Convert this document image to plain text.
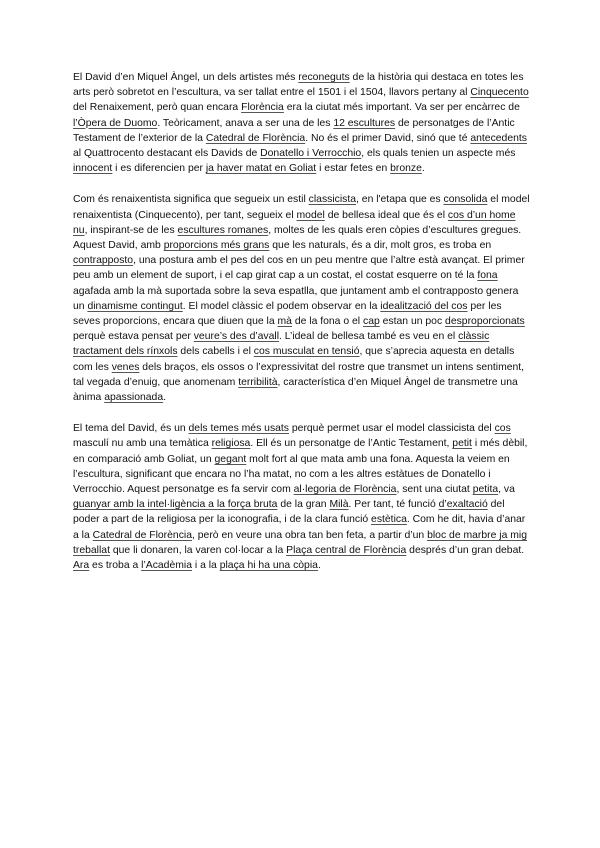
El David d’en Miquel Àngel, un dels artistes més reconeguts de la història qui destaca en totes les arts però sobretot en l’escultura, va ser tallat entre el 1501 i el 1504, llavors pertany al Cinquecento del Renaixement, però quan encara Florència era la ciutat més important. Va ser per encàrrec de l’Òpera de Duomo. Teòricament, anava a ser una de les 12 escultures de personatges de l’Antic Testament de l’exterior de la Catedral de Florència. No és el primer David, sinó que té antecedents al Quattrocento destacant els Davids de Donatello i Verrocchio, els quals tenien un aspecte més innocent i es diferencien per ja haver matat en Goliat i estar fetes en bronze.

Com és renaixentista significa que segueix un estil classicista, en l'etapa que es consolida el model renaixentista (Cinquecento), per tant, segueix el model de bellesa ideal que és el cos d’un home nu, inspirant-se de les escultures romanes, moltes de les quals eren còpies d’escultures gregues. Aquest David, amb proporcions més grans que les naturals, és a dir, molt gros, es troba en contrapposto, una postura amb el pes del cos en un peu mentre que l’altre està avançat. El primer peu amb un element de suport, i el cap girat cap a un costat, el costat esquerre on té la fona agafada amb la mà suportada sobre la seva espatlla, que juntament amb el contrapposto genera un dinamisme contingut. El model clàssic el podem observar en la idealització del cos per les seves proporcions, encara que diuen que la mà de la fona o el cap estan un poc desproporcionats perquè estava pensat per veure’s des d’avall. L’ideal de bellesa també es veu en el clàssic tractament dels rínxols dels cabells i el cos musculat en tensió, que s’aprecia aquesta en detalls com les venes dels braços, els ossos o l’expressivitat del rostre que transmet un intens sentiment, tal vegada d’enuig, que anomenam terribilità, característica d’en Miquel Àngel de transmetre una ànima apassionada.

El tema del David, és un dels temes més usats perquè permet usar el model classicista del cos masculí nu amb una temàtica religiosa. Ell és un personatge de l’Antic Testament, petit i més dèbil, en comparació amb Goliat, un gegant molt fort al que mata amb una fona. Aquesta la veiem en l’escultura, significant que encara no l’ha matat, no com a les altres estàtues de Donatello i Verrocchio. Aquest personatge es fa servir com al·legoria de Florència, sent una ciutat petita, va guanyar amb la intel·ligència a la força bruta de la gran Milà. Per tant, té funció d’exaltació del poder a part de la religiosa per la iconografia, i de la clara funció estètica. Com he dit, havia d’anar a la Catedral de Florència, però en veure una obra tan ben feta, a partir d’un bloc de marbre ja mig treballat que li donaren, la varen col·locar a la Plaça central de Florència després d’un gran debat. Ara es troba a l’Acadèmia i a la plaça hi ha una còpia.
